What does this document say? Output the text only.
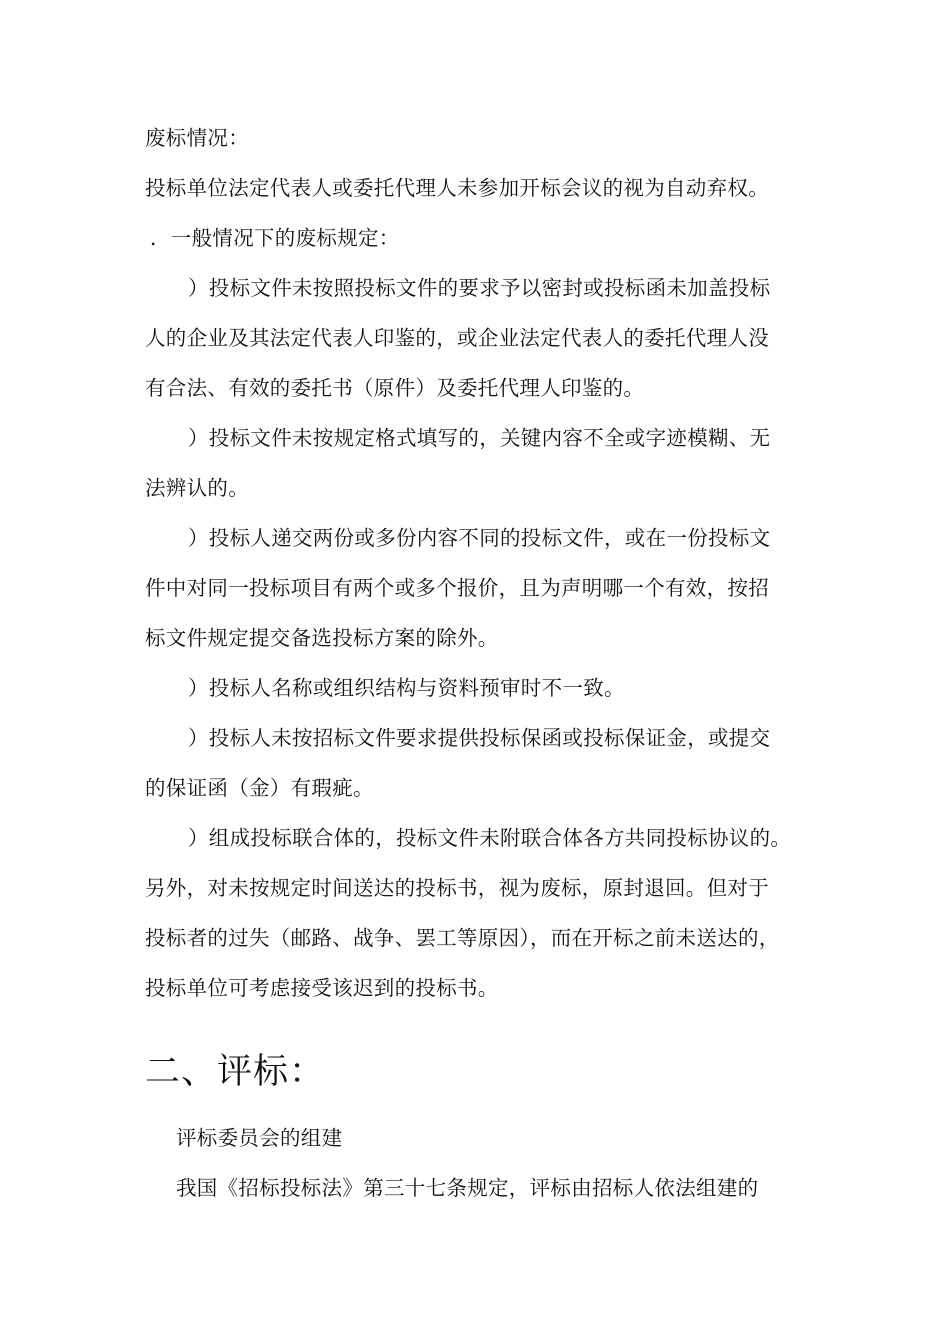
废标情况：
投标单位法定代表人或委托代理人未参加开标会议的视为自动弃权。
．一般情况下的废标规定：
）投标文件未按照投标文件的要求予以密封或投标函未加盖投标
人的企业及其法定代表人印鉴的，或企业法定代表人的委托代理人没
有合法、有效的委托书（原件）及委托代理人印鉴的。
）投标文件未按规定格式填写的，关键内容不全或字迹模糊、无
法辨认的。
）投标人递交两份或多份内容不同的投标文件，或在一份投标文
件中对同一投标项目有两个或多个报价，且为声明哪一个有效，按招
标文件规定提交备选投标方案的除外。
）投标人名称或组织结构与资料预审时不一致。
）投标人未按招标文件要求提供投标保函或投标保证金，或提交
的保证函（金）有瑕疵。
）组成投标联合体的，投标文件未附联合体各方共同投标协议的。
另外，对未按规定时间送达的投标书，视为废标，原封退回。但对于
投标者的过失（邮路、战争、罢工等原因），而在开标之前未送达的，
投标单位可考虑接受该迟到的投标书。
二、评标：
评标委员会的组建
我国《招标投标法》第三十七条规定，评标由招标人依法组建的
